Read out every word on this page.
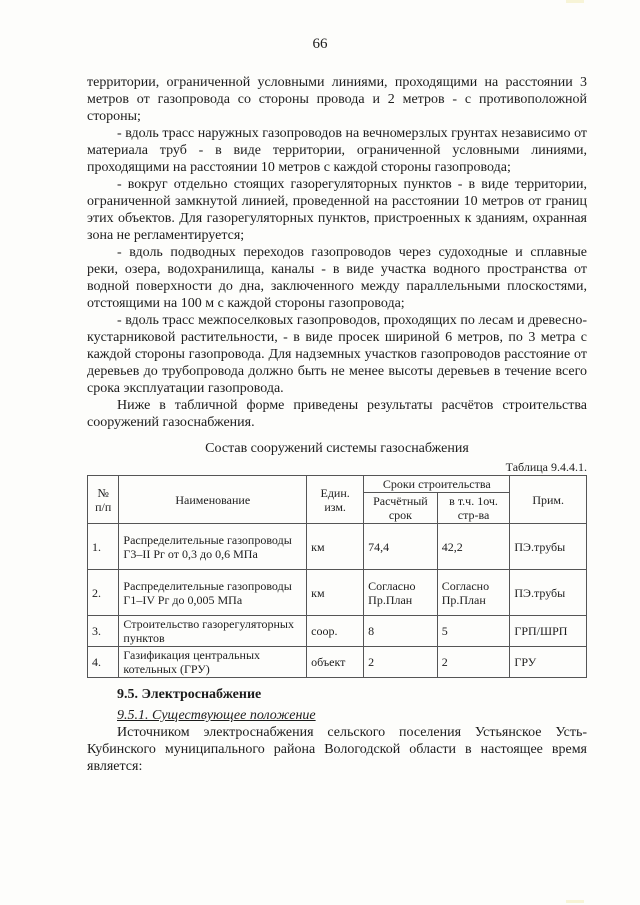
66

территории, ограниченной условными линиями, проходящими на расстоянии 3 метров от газопровода со стороны провода и 2 метров - с противоположной стороны;

- вдоль трасс наружных газопроводов на вечномерзлых грунтах независимо от материала труб - в виде территории, ограниченной условными линиями, проходящими на расстоянии 10 метров с каждой стороны газопровода;

- вокруг отдельно стоящих газорегуляторных пунктов - в виде территории, ограниченной замкнутой линией, проведенной на расстоянии 10 метров от границ этих объектов. Для газорегуляторных пунктов, пристроенных к зданиям, охранная зона не регламентируется;

- вдоль подводных переходов газопроводов через судоходные и сплавные реки, озера, водохранилища, каналы - в виде участка водного пространства от водной поверхности до дна, заключенного между параллельными плоскостями, отстоящими на 100 м с каждой стороны газопровода;

- вдоль трасс межпоселковых газопроводов, проходящих по лесам и древесно-кустарниковой растительности, - в виде просек шириной 6 метров, по 3 метра с каждой стороны газопровода. Для надземных участков газопроводов расстояние от деревьев до трубопровода должно быть не менее высоты деревьев в течение всего срока эксплуатации газопровода.

Ниже в табличной форме приведены результаты расчётов строительства сооружений газоснабжения.

Состав сооружений системы газоснабжения
Таблица 9.4.4.1.
№ п/п	Наименование	Един. изм.	Сроки строительства		Прим.
			Расчётный срок	в т.ч. 1оч. стр-ва	
1.	Распределительные газопроводы Г3–II Рг от 0,3 до 0,6 МПа	км	74,4	42,2	ПЭ.трубы
2.	Распределительные газопроводы Г1–IV Рг до 0,005 МПа	км	Согласно Пр.План	Согласно Пр.План	ПЭ.трубы
3.	Строительство газорегуляторных пунктов	соор.	8	5	ГРП/ШРП
4.	Газификация центральных котельных (ГРУ)	объект	2	2	ГРУ
9.5. Электроснабжение
9.5.1. Существующее положение

Источником электроснабжения сельского поселения Устьянское Усть-Кубинского муниципального района Вологодской области в настоящее время является:
